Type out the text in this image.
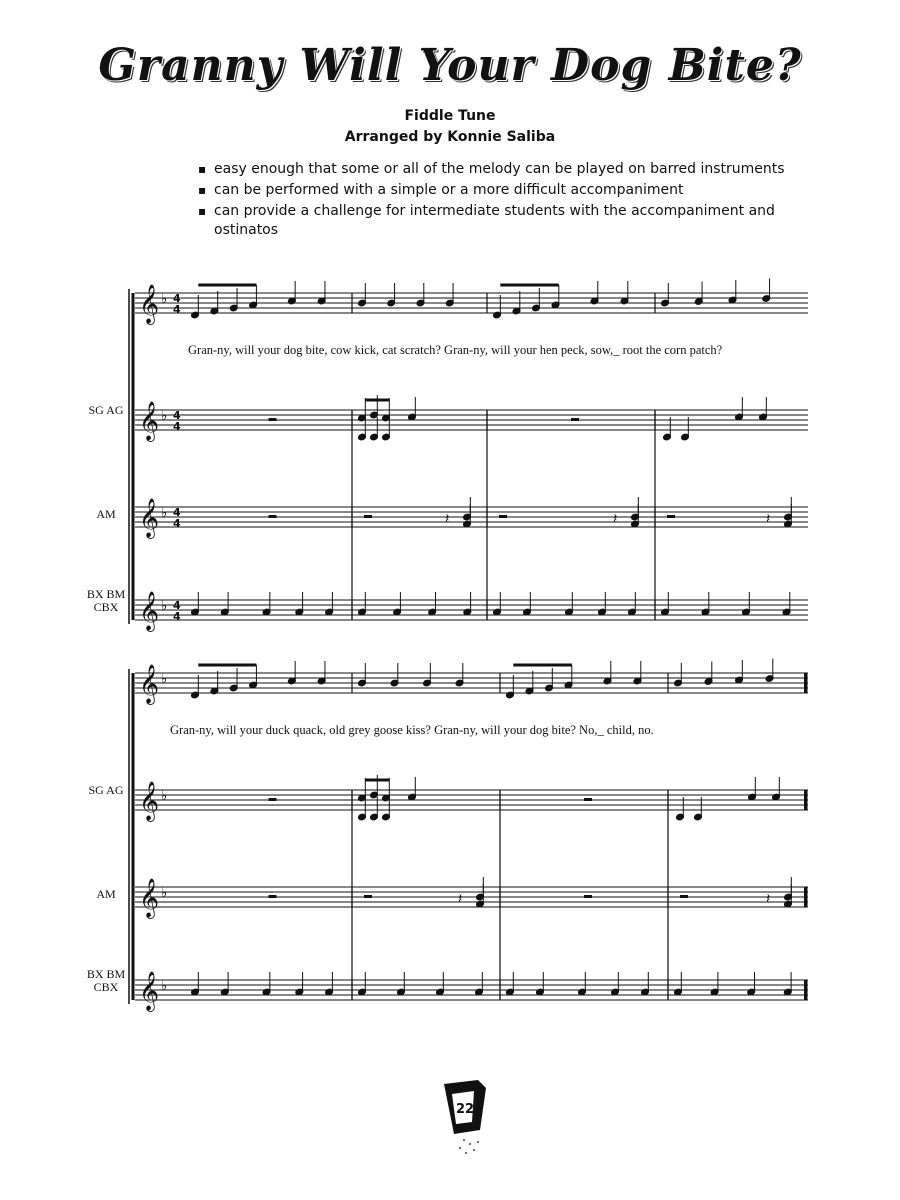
Granny Will Your Dog Bite?
Fiddle Tune
Arranged by Konnie Saliba
▪ easy enough that some or all of the melody can be played on barred instruments
▪ can be performed with a simple or a more difficult accompaniment
▪ can provide a challenge for intermediate students with the accompaniment and ostinatos
Gran-ny, will your dog bite, cow kick, cat scratch? Gran-ny, will your hen peck, sow,_ root the corn patch?
Gran-ny, will your duck quack, old grey goose kiss? Gran-ny, will your dog bite? No,_ child, no.
SG AG
AM
BX BM CBX
SG AG
AM
BX BM CBX
𝄞 ♭ 4
4
𝄞 ♭ 4
4
𝄞 ♭ 4
4
𝄞 ♭ 4
4
𝄽	𝄽	𝄽
𝄞 ♭
𝄞 ♭
𝄞 ♭
𝄞 ♭
𝄽	𝄽
22
